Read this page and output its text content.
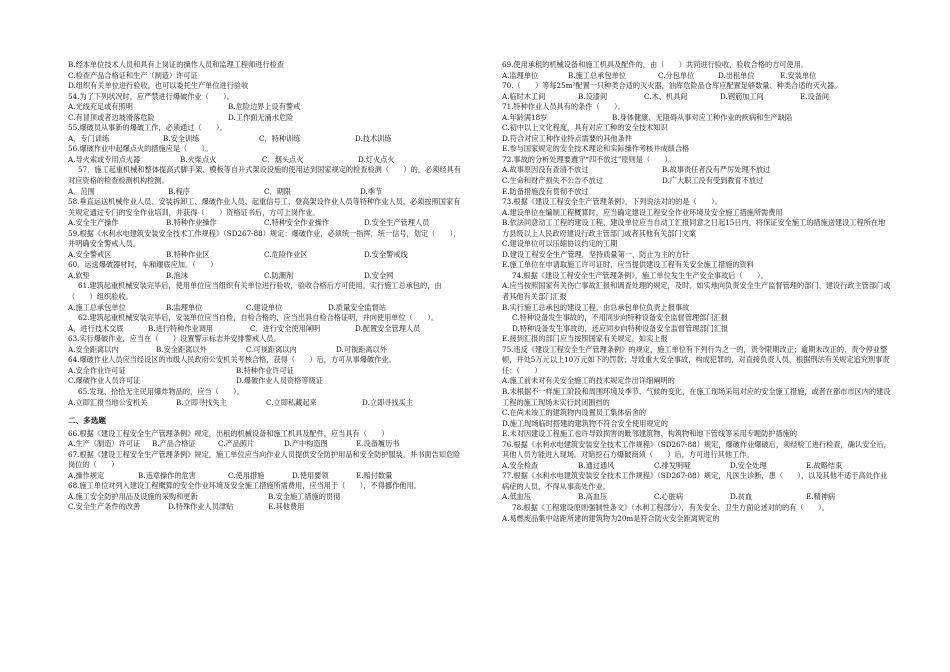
B.经本单位技术人员和具有上岗证的操作人员和监理工程师进行检查
C.检查产品合格证和生产（制造）许可证
D.组织有关单位进行验收，也可以委托生产单位进行验收
54.为了下列状况时，应严禁进行爆破作业（　　）。
A.光线充足或有照明	B.危险边界上设有警戒
C.有冒顶或者边坡滑落危险	D.工作面无涌水危险
55.爆破员从事新的爆破工作，必须通过（　　）。
A．专门训练	B.安全训练	C．特种训练	D.技术训练
56.爆破作业中起爆点火的措施应是（　　）。
A.导火索或专用点火器	B.火柴点火	C．烟头点火	D.灯火点火
57．施工起重机械和整体提高式脚手架、模板等自升式架设设施的使用达到国家规定的检查检测（　　）的，必须经具有对应资格的检查检测机构检测。
A．范围	B.程序	C．期限	D.季节
58.垂直运送机械作业人员、安装拆卸工、爆破作业人员、起重信号工、登高架设作业人员等特种作业人员，必须按照国家有关规定通过专门的安全作业培训，并获得（　　）资格证书后，方可上岗作业。
A.安全生产操作	B.特种作业操作	C.特种安全作业操作	D.安全生产管理人员
59.根据《水利水电建筑安装安全技术工作规程》（SD267-88）规定：爆破作业，必须统一指挥，统一信号，划定（　　），并明确安全警戒人员。
A.安全警戒区	B.特种作业区	C.危险作业区	D.安全警戒线
60．运送爆破器材时，车厢堰底应加。（　　）
A.软垫	B.泡沫	C.防潮剂	D.安全网
61.建筑起重机械安装完毕后，使用单位应当组织有关单位进行验收，验收合格后方可使用。实行施工总承包的，由（　　）组织验收。
A.施工总承包单位	B.监理单位	C.建设单位	D.质量安全监督站
62.建筑起重机械安装完毕后，安装单位应当自检，自检合格的，应当出具自检合格证明，并向使用单位（　　）。
A．进行技术交底	B.进行特种作业调用	C．进行安全使用阐明	D.配置安全管理人员
63.实行爆破作业，应当在（　　）设置警示标志并安排警戒人员。
A.安全距离以内	B.安全距离以外	C.可视距离以内	D.可视距离以外
64.爆破作业人员应当经设区的市级人民政府公安机关考核合格，获得（　　）后，方可从事爆破作业。
A.安全作业许可证	B.特种作业许可证
C.爆破作业人员许可证	D.爆破作业人员资格等级证
65.发现、拾拾无主民用爆炸物品的，应当（　　）。
A.立即汇报当地公安机关	B.立即寻找失主	C.立即私藏起来	D.立即寻找买主
二、多选题
66.根据《建设工程安全生产管理条例》规定，出租的机械设备和施工机具及配件，应当具有（　　）
A.生产（制造）许可证	B.产品合格证	C.产品照片	D.产中构造图	E.设备履历书
67.根据《建设工程安全生产管理条例》规定，施工单位应当向作业人员提供安全防护用品和安全防护服装，并书面告知危险岗位的（　　）
A.操作规定	B.违章操作的危害	C.使用措施	D.使用要领	E.赔付数量
68.施工单位对列入建设工程概算的安全作业环境及安全施工措施所需费用，应当用于（　　），不得挪作他用。
A.施工安全防护用品及设施的采购和更新	B.安全施工措施的贯彻
C.安全生产条件的改善	D.特殊作业人员津贴	E.其他费用
69.使用承租的机械设备和施工机具及配件的，由（　　）共同进行验收，验收合格的方可使用。
A.监理单位	B.施工总承包单位	C.分包单位	D.出租单位	E.安装单位
70.（　　）等每25m²配置一只种类合适的灭火器，油库危险品仓库应配置足够数量、种类合适的灭火器。
A.临时木工间	B.设漆间	C.木、机具间	D.钢筋加工间	E.设备间
71.特种作业人员具有的条件（　　）。
A.年龄满18岁	B.身体健康、无阻碍从事对应工种作业的疾病和生产缺陷
C.初中以上文化程度，具有对应工种的安全技术知识
D.符合对应工种作业特点需要的其他条件
E.参与国家规定的安全技术理论和实际操作考核并成绩合格
72.事故的分析处理要遵守“四不放过”原则是（　　）。
A.故事原因没有查清不放过	B.故事责任者没有严厉处理不放过
C.生命和财产损失不公告不放过	D.广大职工没有受到教育不放过
E.防备措施没有贯彻不放过
73.根据《建设工程安全生产管理条例》，下列说法对的的是（　　）。
A.建设单位在编制工程概算时，应当确定建设工程安全作业环境及安全施工措施所需费用
B.依法同意动工工程的建设工程，建设单位应当自动工汇报同意之日起15日内，将保证安全施工的措施送建设工程所在地方县级以上人民政府建设行政主管部门或者其他有关部门文案
C.建设单位可以压缩协议约定的工期
D.建设工程安全生产管理，坚持质量第一、防止为主的方针
E.施工单位在申请取施工许可证时，应当提供建设工程有关安全施工措施的资料
74.根据《建设工程安全生产管理条例》，施工单位发生生产安全事故后（　　）。
A.应当按照国家有关伤亡事故汇报和调查处理的规定，及时、如实地向负责安全生产监督管理的部门、建设行政主管部门或者其他有关部门汇报
B.实行施工总承包的建设工程，由总承包单位负责上报事故
C.特种设备发生事故的，不用同步向特种设备安全监督管理部门汇报
D.特种设备发生事故的，还应同步向特种设备安全监督管理部门汇报
E.接到汇报的部门应当按照国家有关规定，如实上报
75.违反《建设工程安全生产管理条例》的规定，施工单位有下列行为之一的，责令限期改正；逾期未改正的，责令停业整顿，并处5万元以上10万元如下的罚款；导致重大安全事故，构成犯罪的，对直接负责人员，根据刑法有关规定追究刑事责任：（　　）
A.施工前未对有关安全施工的技术规定作出详细阐明的
B.未根据不一样施工阶段和周围环境及季节、气候的变化，在施工现场采用对应的安全施工措施，或者在都市市区内的建设工程的施工现场未实行封闭围挡的
C.在尚未竣工的建筑物内设置员工集体宿舍的
D.施工现场临时搭建的建筑物不符合安全使用规定的
E.未对因建设工程施工也许导致损害的毗邻建筑物、构筑物和地下管线等采用专题防护措施的
76.根据《水利水电建筑安装安全技术工作规程》（SD267-88）规定，爆破作业爆破后，须经检工进行检查，确认安全后，其他人员方能进入现场。对暗挖石方爆破商须（　　）后，方可进行其他工作。
A.安全检查	B.通过通风	C.排发明哑	D.安全处理	E.故略结束
77.根据《水利水电建筑安装安全技术工作规程》（SD267-88）规定，凡医生诊断，患（　　），以及其他不适于高处作业病症的人员，不得从事高处作业。
A.低血压	B.高血压	C.心脏病	D.贫血	E.精神病
78.根据《工程建设原则强制性条文》（水利工程部分），有关安全、卫生方面论述对的的有（　　）。
A.易燃废品集中站距所建的建筑物为20m是符合防火安全距离规定的
